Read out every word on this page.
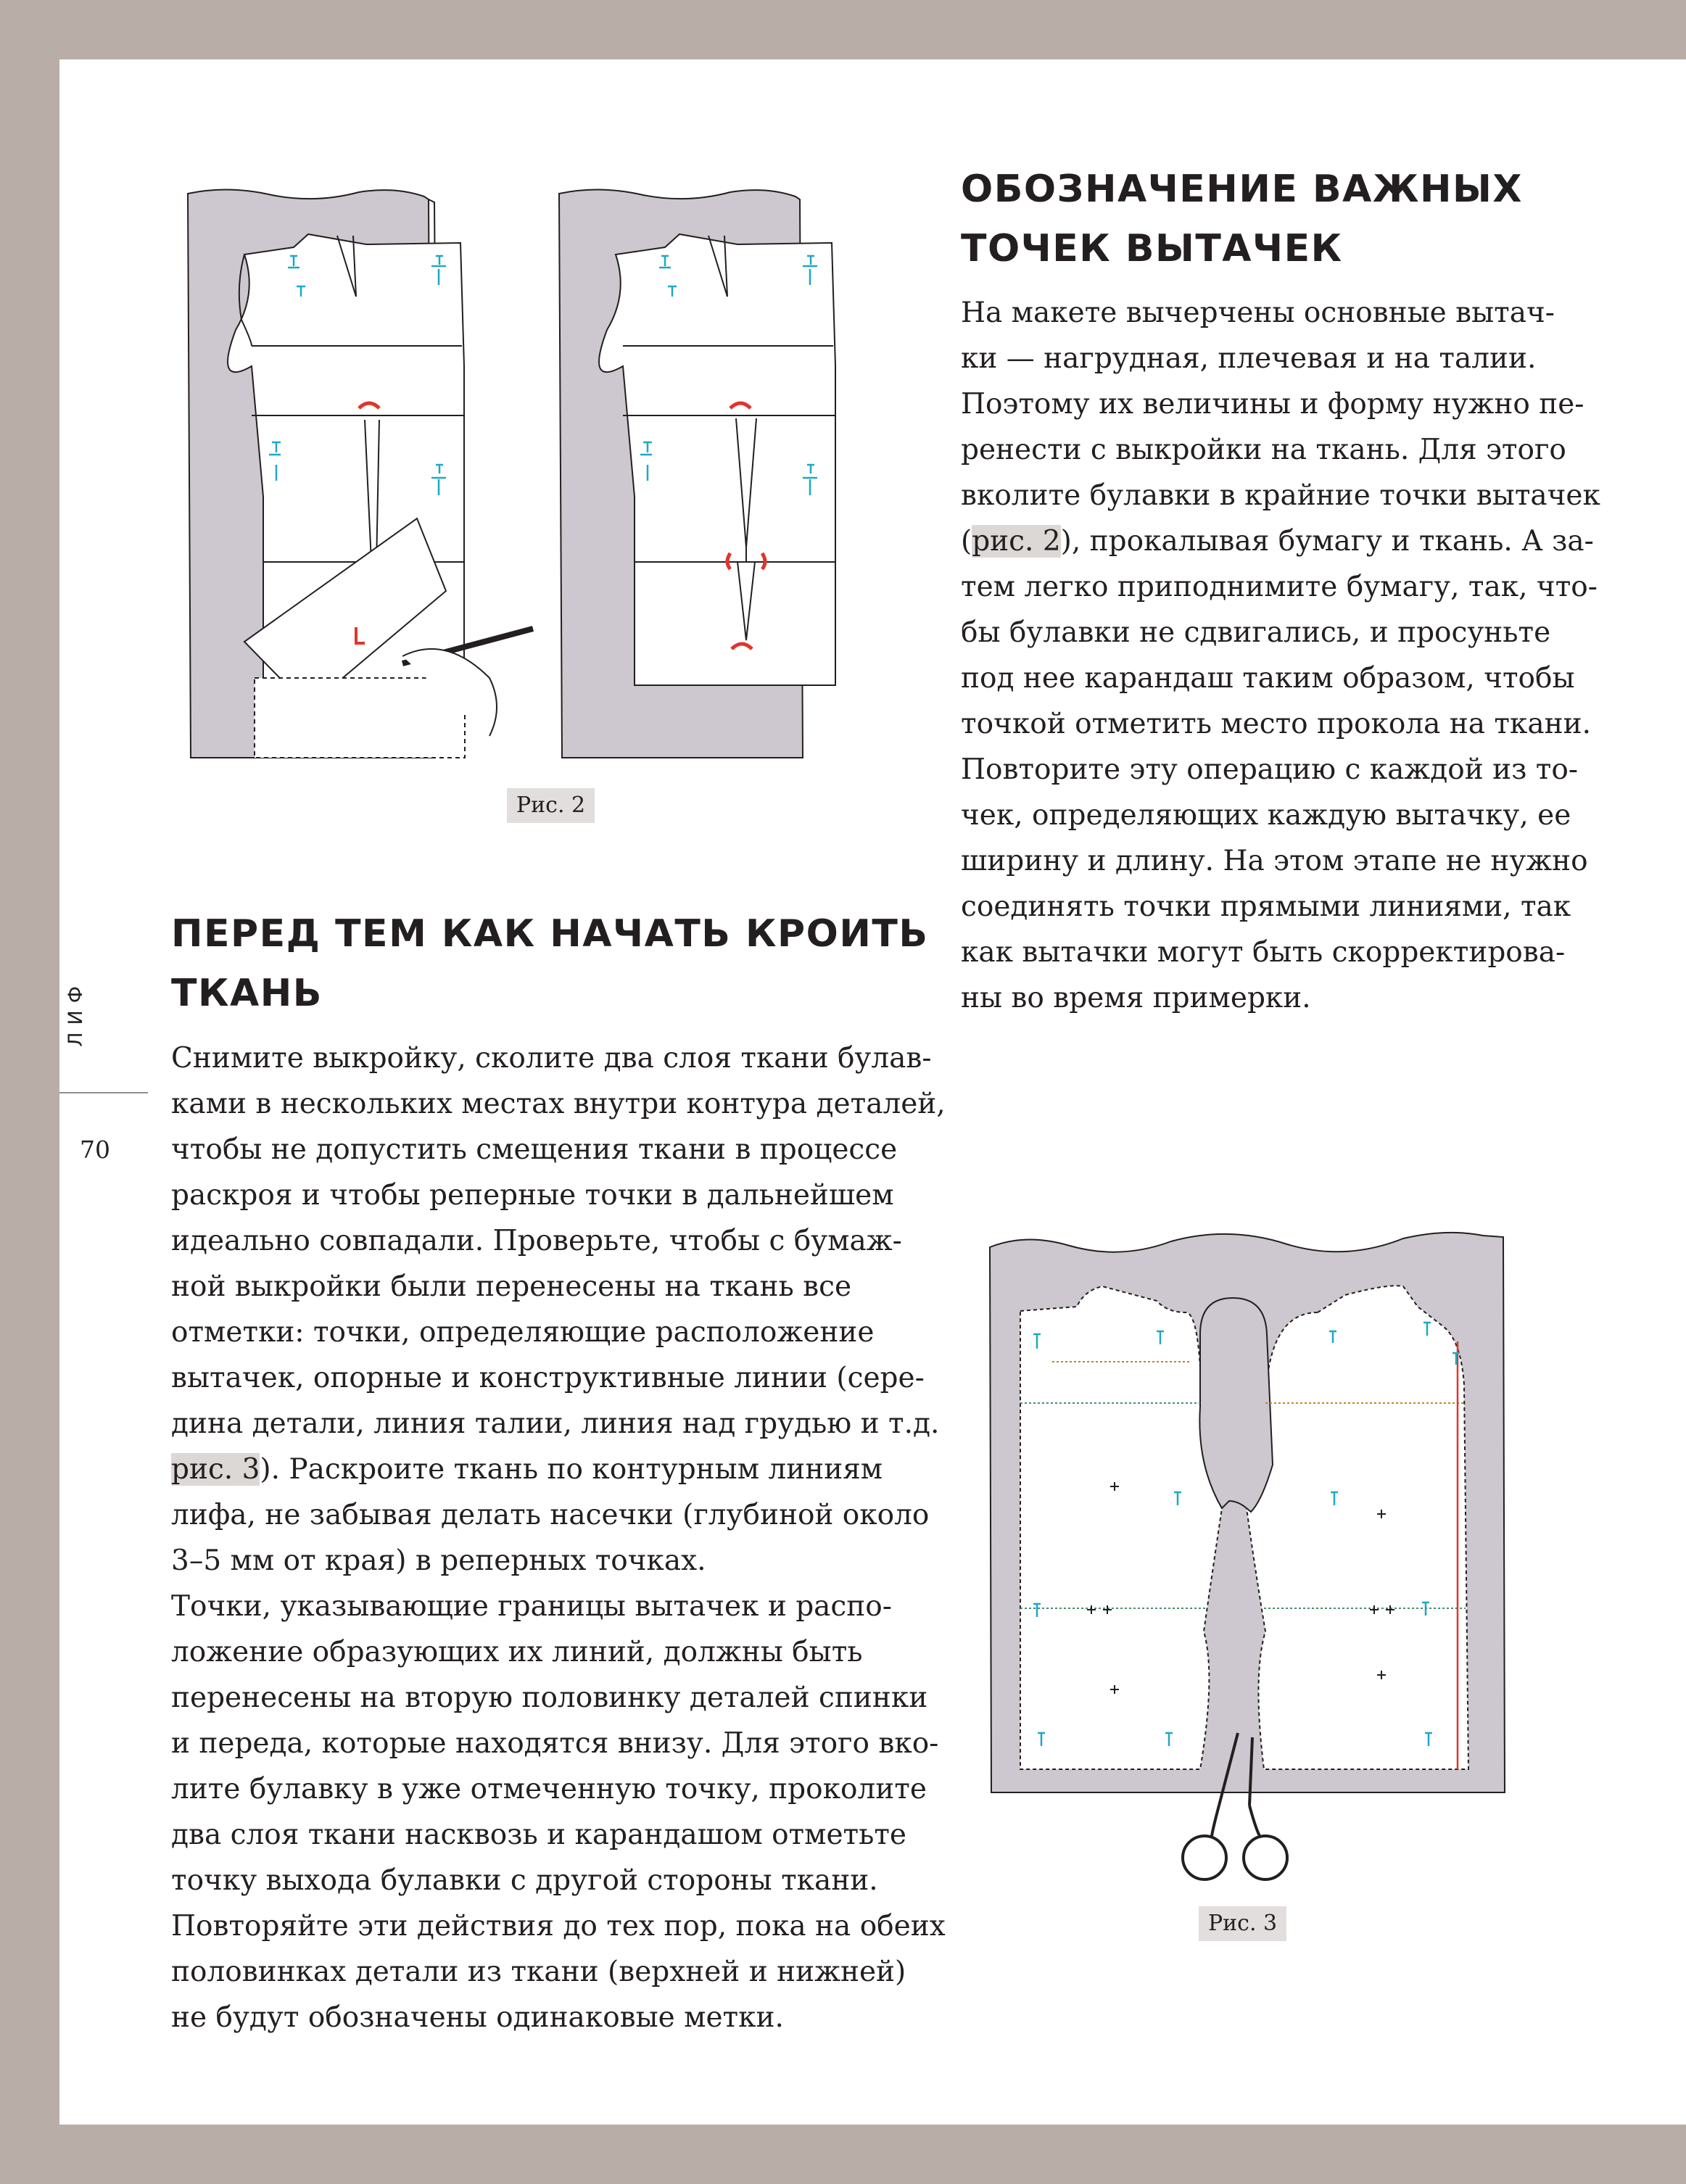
Рис. 2
ОБОЗНАЧЕНИЕ ВАЖНЫХ
ТОЧЕК ВЫТАЧЕК
На макете вычерчены основные вытач-
ки — нагрудная, плечевая и на талии.
Поэтому их величины и форму нужно пе-
ренести с выкройки на ткань. Для этого
вколите булавки в крайние точки вытачек
(рис. 2), прокалывая бумагу и ткань. А за-
тем легко приподнимите бумагу, так, что-
бы булавки не сдвигались, и просуньте
под нее карандаш таким образом, чтобы
точкой отметить место прокола на ткани.
Повторите эту операцию с каждой из то-
чек, определяющих каждую вытачку, ее
ширину и длину. На этом этапе не нужно
соединять точки прямыми линиями, так
как вытачки могут быть скорректирова-
ны во время примерки.
ПЕРЕД ТЕМ КАК НАЧАТЬ КРОИТЬ
ТКАНЬ
Снимите выкройку, сколите два слоя ткани булав-
ками в нескольких местах внутри контура деталей,
чтобы не допустить смещения ткани в процессе
раскроя и чтобы реперные точки в дальнейшем
идеально совпадали. Проверьте, чтобы с бумаж-
ной выкройки были перенесены на ткань все
отметки: точки, определяющие расположение
вытачек, опорные и конструктивные линии (сере-
дина детали, линия талии, линия над грудью и т.д.
рис. 3). Раскроите ткань по контурным линиям
лифа, не забывая делать насечки (глубиной около
3–5 мм от края) в реперных точках.
Точки, указывающие границы вытачек и распо-
ложение образующих их линий, должны быть
перенесены на вторую половинку деталей спинки
и переда, которые находятся внизу. Для этого вко-
лите булавку в уже отмеченную точку, проколите
два слоя ткани насквозь и карандашом отметьте
точку выхода булавки с другой стороны ткани.
Повторяйте эти действия до тех пор, пока на обеих
половинках детали из ткани (верхней и нижней)
не будут обозначены одинаковые метки.
Рис. 3
ЛИФ
70
